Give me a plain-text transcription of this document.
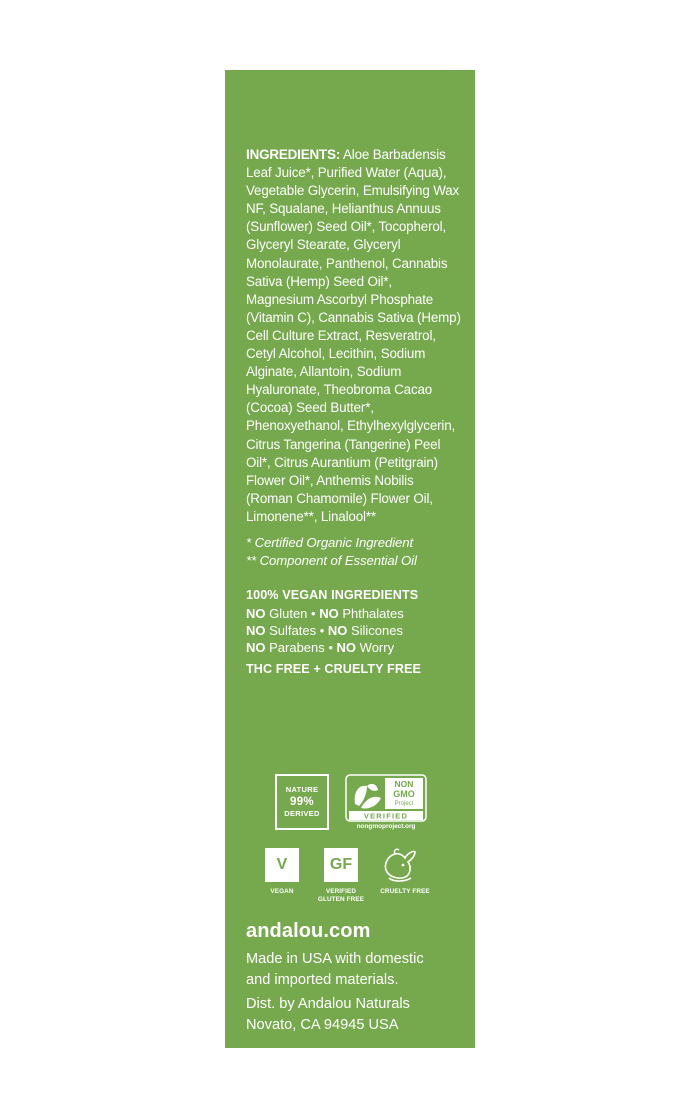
INGREDIENTS: Aloe Barbadensis Leaf Juice*, Purified Water (Aqua), Vegetable Glycerin, Emulsifying Wax NF, Squalane, Helianthus Annuus (Sunflower) Seed Oil*, Tocopherol, Glyceryl Stearate, Glyceryl Monolaurate, Panthenol, Cannabis Sativa (Hemp) Seed Oil*, Magnesium Ascorbyl Phosphate (Vitamin C), Cannabis Sativa (Hemp) Cell Culture Extract, Resveratrol, Cetyl Alcohol, Lecithin, Sodium Alginate, Allantoin, Sodium Hyaluronate, Theobroma Cacao (Cocoa) Seed Butter*, Phenoxyethanol, Ethylhexylglycerin, Citrus Tangerina (Tangerine) Peel Oil*, Citrus Aurantium (Petitgrain) Flower Oil*, Anthemis Nobilis (Roman Chamomile) Flower Oil, Limonene**, Linalool**

* Certified Organic Ingredient
** Component of Essential Oil
100% VEGAN INGREDIENTS
NO Gluten • NO Phthalates
NO Sulfates • NO Silicones
NO Parabens • NO Worry
THC FREE + CRUELTY FREE
NATURE
99%
DERIVED
NON
GMO
Project
VERIFIED
nongmoproject.org
V
VEGAN
GF
VERIFIED
GLUTEN FREE
CRUELTY FREE
andalou.com
Made in USA with domestic
and imported materials.
Dist. by Andalou Naturals
Novato, CA 94945 USA
